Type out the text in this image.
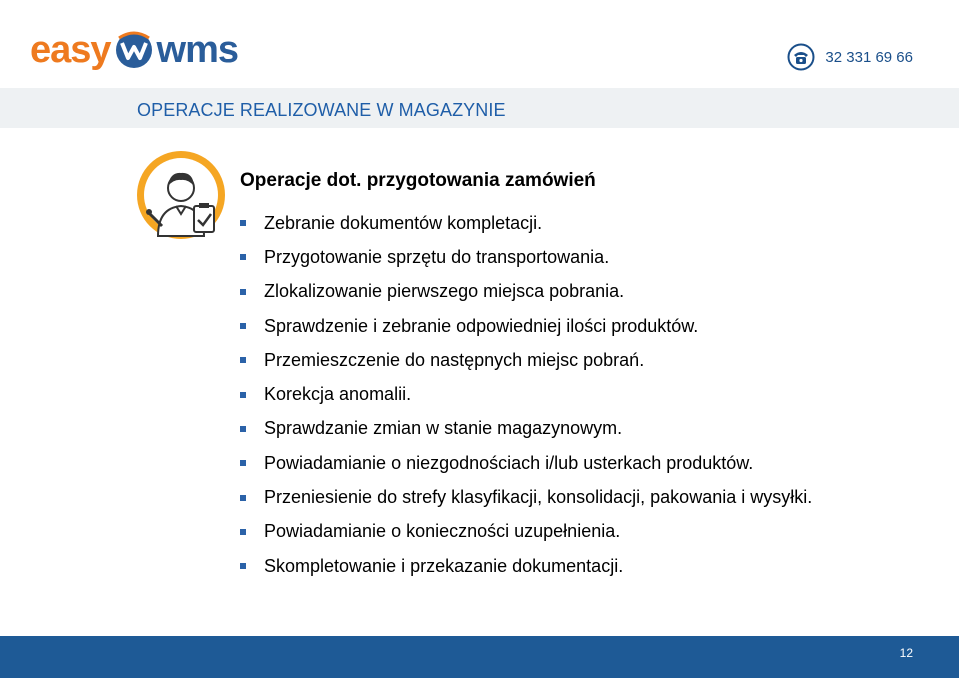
easy wms	32 331 69 66
OPERACJE REALIZOWANE W MAGAZYNIE
Operacje dot. przygotowania zamówień
Zebranie dokumentów kompletacji.
Przygotowanie sprzętu do transportowania.
Zlokalizowanie pierwszego miejsca pobrania.
Sprawdzenie i zebranie odpowiedniej ilości produktów.
Przemieszczenie do następnych miejsc pobrań.
Korekcja anomalii.
Sprawdzanie zmian w stanie magazynowym.
Powiadamianie o niezgodnościach i/lub usterkach produktów.
Przeniesienie do strefy klasyfikacji, konsolidacji, pakowania i wysyłki.
Powiadamianie o konieczności uzupełnienia.
Skompletowanie i przekazanie dokumentacji.
12
